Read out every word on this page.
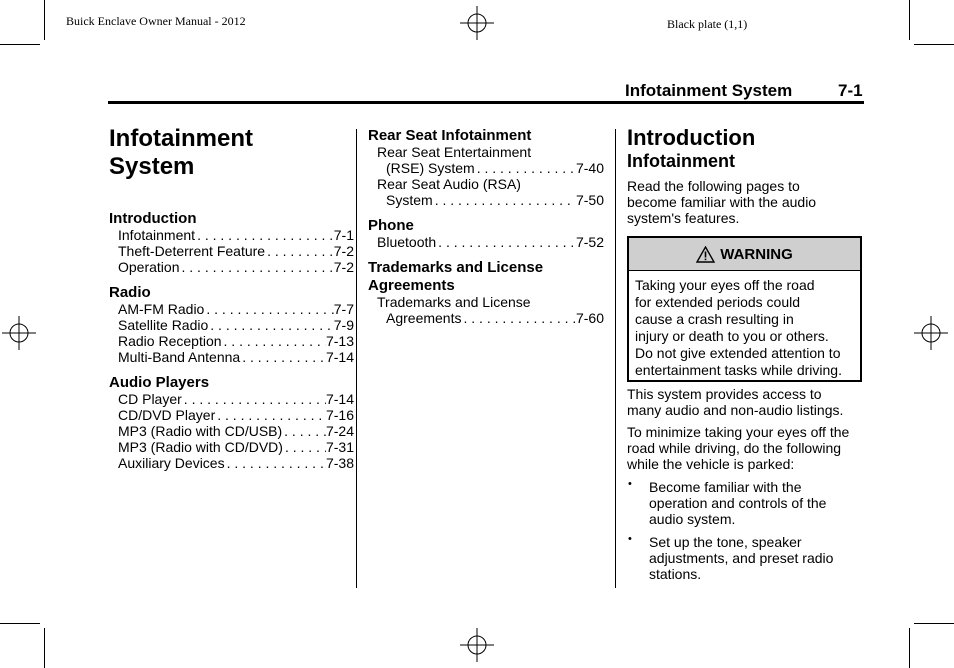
Buick Enclave Owner Manual - 2012	Black plate (1,1)
Infotainment System	7-1
Infotainment
System
Introduction
Infotainment . . .	7-1
Theft-Deterrent Feature . . .	7-2
Operation . . .	7-2
Radio
AM-FM Radio . . .	7-7
Satellite Radio . . .	7-9
Radio Reception . . .	7-13
Multi-Band Antenna . . .	7-14
Audio Players
CD Player . . .	7-14
CD/DVD Player . . .	7-16
MP3 (Radio with CD/USB) . . .	7-24
MP3 (Radio with CD/DVD) . . .	7-31
Auxiliary Devices . . .	7-38
Rear Seat Infotainment
Rear Seat Entertainment
(RSE) System . . .	7-40
Rear Seat Audio (RSA)
System . . .	7-50
Phone
Bluetooth . . .	7-52
Trademarks and License
Agreements
Trademarks and License
Agreements . . .	7-60
Introduction
Infotainment
Read the following pages to
become familiar with the audio
system's features.
WARNING
Taking your eyes off the road
for extended periods could
cause a crash resulting in
injury or death to you or others.
Do not give extended attention to
entertainment tasks while driving.
This system provides access to
many audio and non-audio listings.
To minimize taking your eyes off the
road while driving, do the following
while the vehicle is parked:
• Become familiar with the
operation and controls of the
audio system.
• Set up the tone, speaker
adjustments, and preset radio
stations.
